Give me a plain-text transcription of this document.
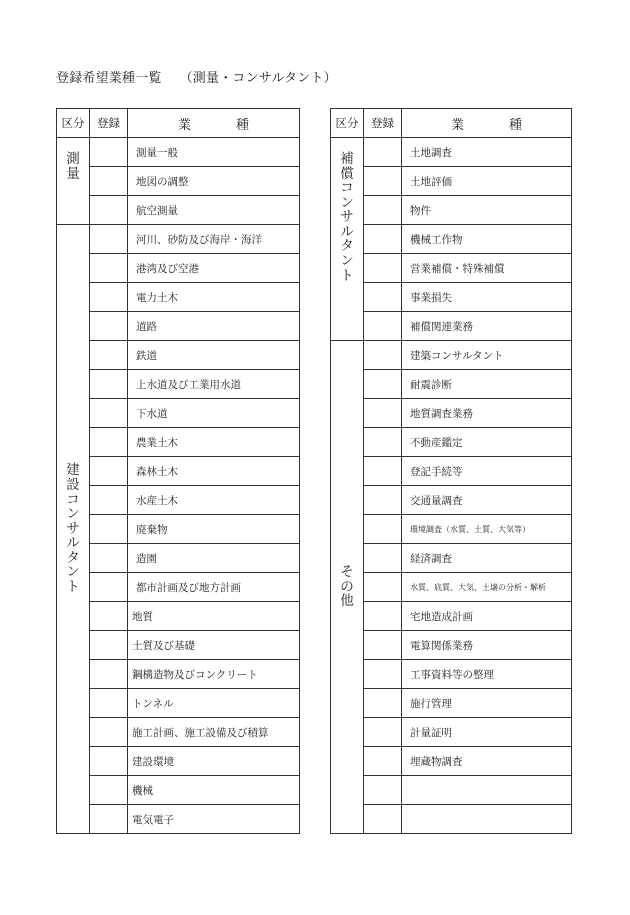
登録希望業種一覧 （測量・コンサルタント）
区分	登録	業　種
測量		測量一般
		地図の調整
		航空測量
建設コンサルタント		河川、砂防及び海岸・海洋
		港湾及び空港
		電力土木
		道路
		鉄道
		上水道及び工業用水道
		下水道
		農業土木
		森林土木
		水産土木
		廃棄物
		造園
		都市計画及び地方計画
		地質
		土質及び基礎
		鋼構造物及びコンクリート
		トンネル
		施工計画、施工設備及び積算
		建設環境
		機械
		電気電子
区分	登録	業　種
補償コンサルタント		土地調査
		土地評価
		物件
		機械工作物
		営業補償・特殊補償
		事業損失
		補償関連業務
その他		建築コンサルタント
		耐震診断
		地質調査業務
		不動産鑑定
		登記手続等
		交通量調査
		環境調査（水質、土質、大気等）
		経済調査
		水質、底質、大気、土壌の分析・解析
		宅地造成計画
		電算関係業務
		工事資料等の整理
		施行管理
		計量証明
		埋蔵物調査
